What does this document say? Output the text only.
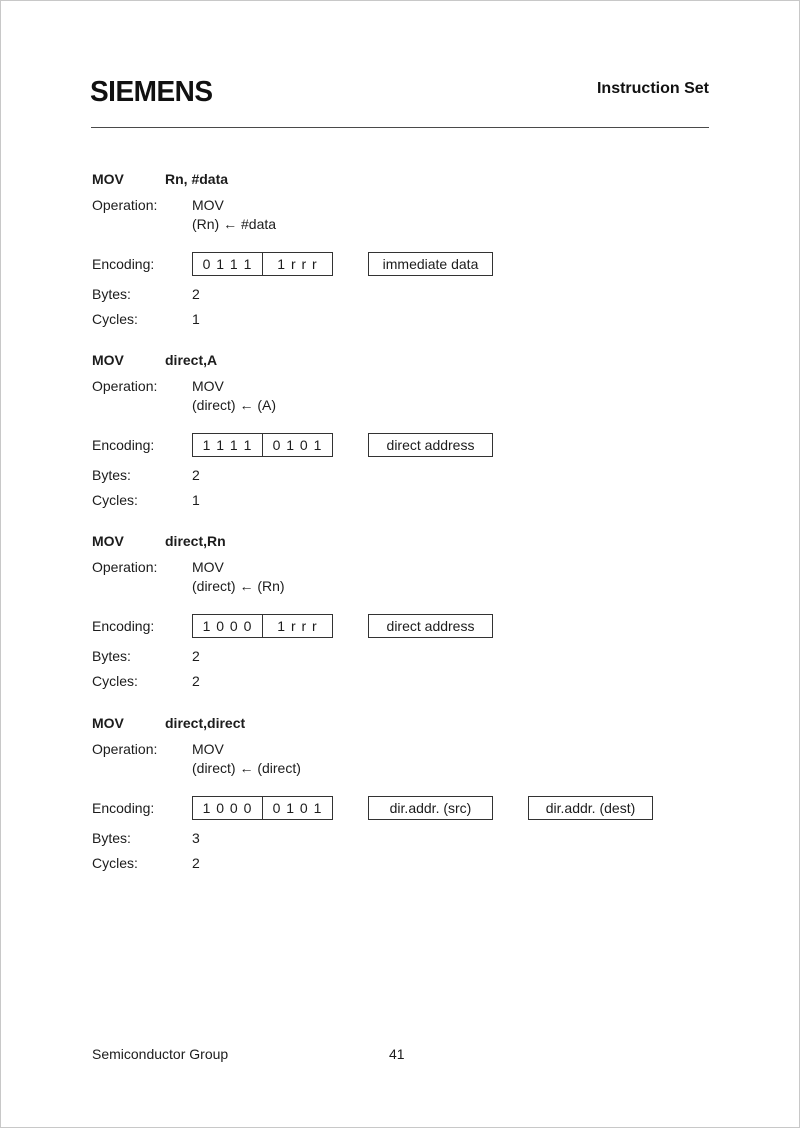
SIEMENS	Instruction Set
MOV	Rn, #data
Operation:	MOV
(Rn) ← #data
Encoding:	0 1 1 1	1 r r r	immediate data
Bytes:	2
Cycles:	1
MOV	direct,A
Operation:	MOV
(direct) ← (A)
Encoding:	1 1 1 1	0 1 0 1	direct address
Bytes:	2
Cycles:	1
MOV	direct,Rn
Operation:	MOV
(direct) ← (Rn)
Encoding:	1 0 0 0	1 r r r	direct address
Bytes:	2
Cycles:	2
MOV	direct,direct
Operation:	MOV
(direct) ← (direct)
Encoding:	1 0 0 0	0 1 0 1	dir.addr. (src)	dir.addr. (dest)
Bytes:	3
Cycles:	2
Semiconductor Group	41
